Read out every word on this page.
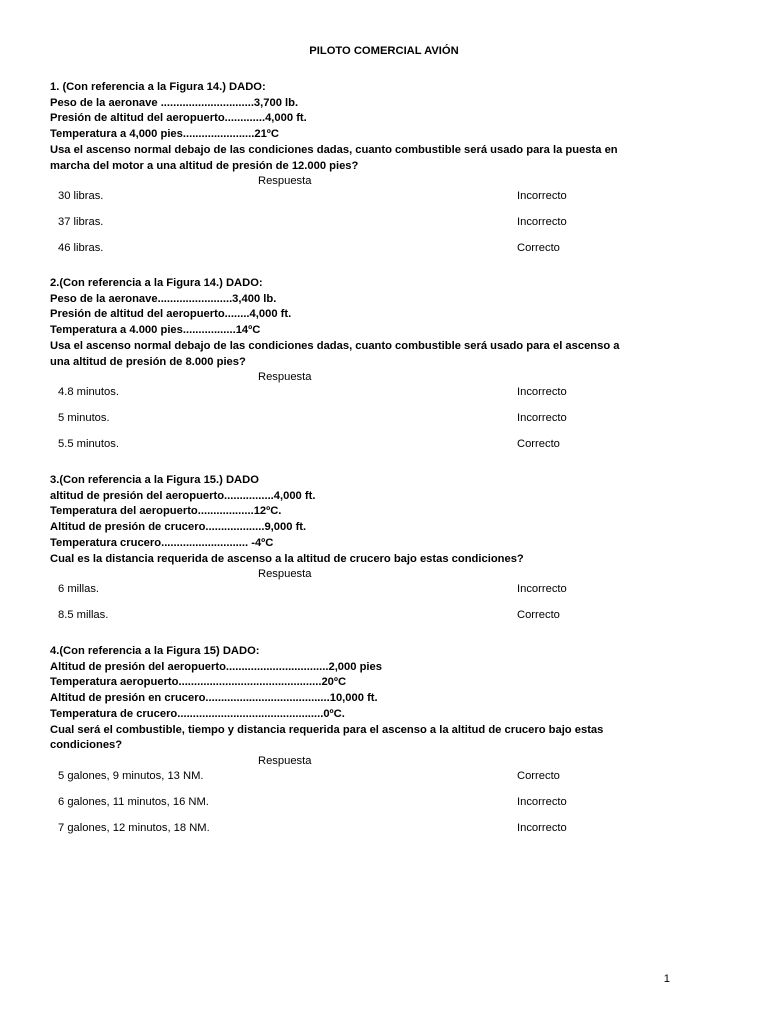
PILOTO COMERCIAL AVIÓN
1. (Con referencia a la Figura 14.) DADO:
Peso de la aeronave ..............................3,700 lb.
Presión de altitud del aeropuerto.............4,000 ft.
Temperatura a 4,000 pies.......................21ºC
Usa el ascenso normal debajo de las condiciones dadas, cuanto combustible será usado para la puesta en marcha del motor a una altitud de presión de 12.000 pies?
Respuesta
30 libras.	Incorrecto
37 libras.	Incorrecto
46 libras.	Correcto
2.(Con referencia a la Figura 14.) DADO:
Peso de la aeronave........................3,400 lb.
Presión de altitud del aeropuerto........4,000 ft.
Temperatura a 4.000 pies.................14ºC
Usa el ascenso normal debajo de las condiciones dadas, cuanto combustible será usado para el ascenso a una altitud de presión de 8.000 pies?
Respuesta
4.8 minutos.	Incorrecto
5 minutos.	Incorrecto
5.5 minutos.	Correcto
3.(Con referencia a la Figura 15.) DADO
altitud de presión del aeropuerto................4,000 ft.
Temperatura del aeropuerto..................12ºC.
Altitud de presión de crucero...................9,000 ft.
Temperatura crucero............................ -4ºC
Cual es la distancia requerida de ascenso a la altitud de crucero bajo estas condiciones?
Respuesta
6 millas.	Incorrecto
8.5 millas.	Correcto
4.(Con referencia a la Figura 15) DADO:
Altitud de presión del aeropuerto.................................2,000 pies
Temperatura aeropuerto..............................................20ºC
Altitud de presión en crucero........................................10,000 ft.
Temperatura de crucero...............................................0ºC.
Cual será el combustible, tiempo y distancia requerida para el ascenso a la altitud de crucero bajo estas condiciones?
Respuesta
5 galones, 9 minutos, 13 NM.	Correcto
6 galones, 11 minutos, 16 NM.	Incorrecto
7 galones, 12 minutos, 18 NM.	Incorrecto
1
